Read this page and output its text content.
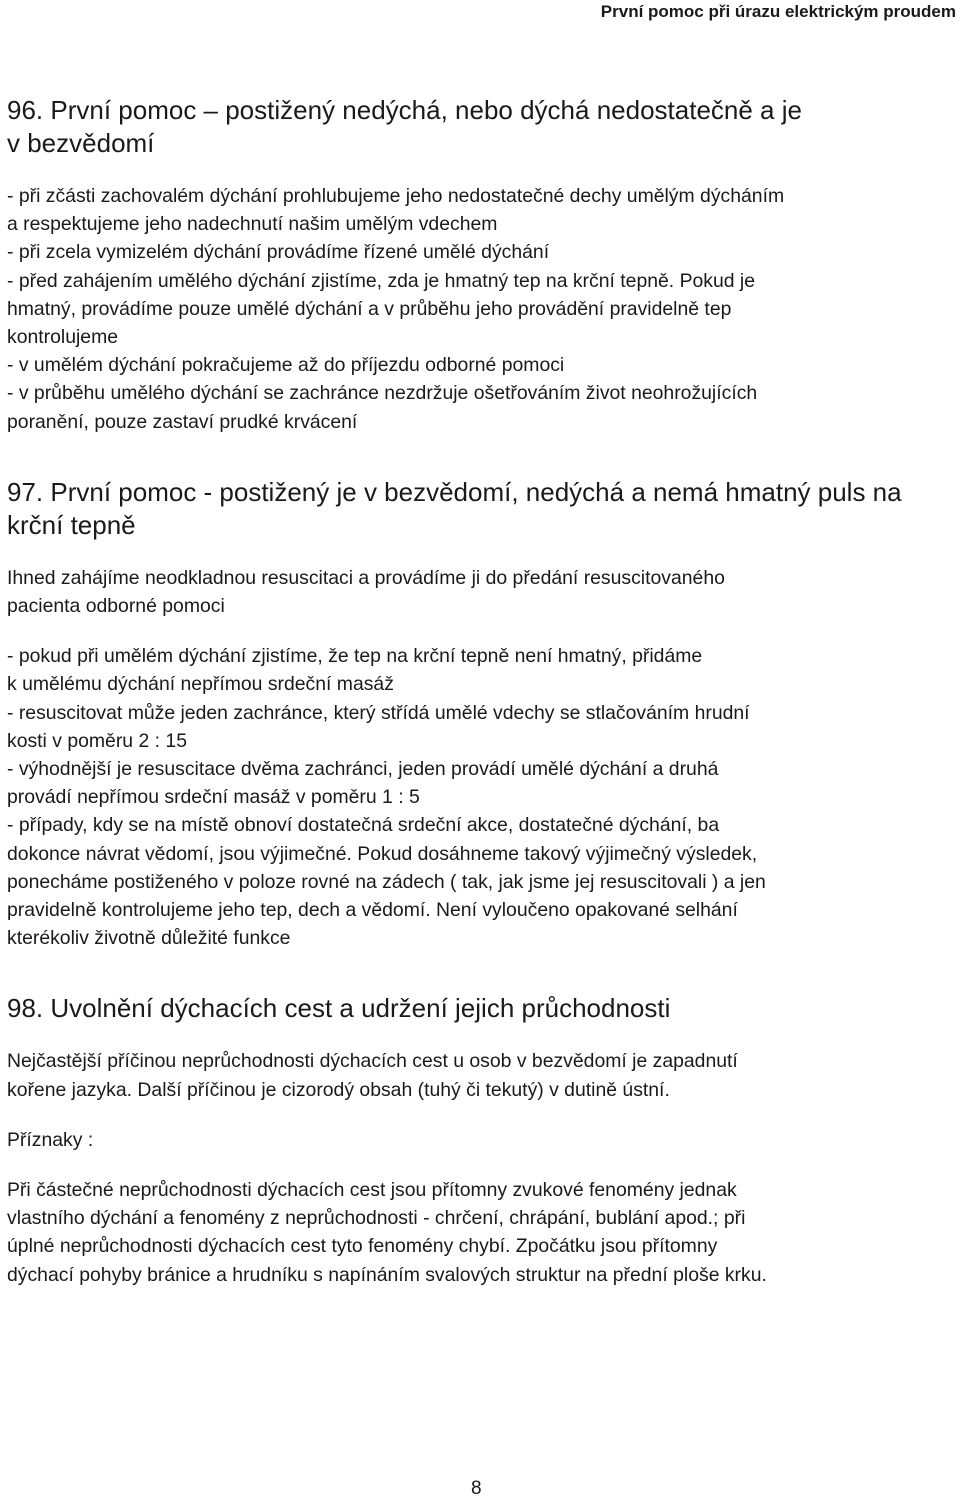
První pomoc při úrazu elektrickým proudem
96. První pomoc – postižený nedýchá, nebo dýchá nedostatečně a je
v bezvědomí

- při zčásti zachovalém dýchání prohlubujeme jeho nedostatečné dechy umělým dýcháním
a respektujeme jeho nadechnutí našim umělým vdechem
- při zcela vymizelém dýchání provádíme řízené umělé dýchání
- před zahájením umělého dýchání zjistíme, zda je hmatný tep na krční tepně. Pokud je
hmatný, provádíme pouze umělé dýchání a v průběhu jeho provádění pravidelně tep
kontrolujeme
- v umělém dýchání pokračujeme až do příjezdu odborné pomoci
- v průběhu umělého dýchání se zachránce nezdržuje ošetřováním život neohrožujících
poranění, pouze zastaví prudké krvácení

97. První pomoc - postižený je v bezvědomí, nedýchá a nemá hmatný puls na
krční tepně

Ihned zahájíme neodkladnou resuscitaci a provádíme ji do předání resuscitovaného
pacienta odborné pomoci

- pokud při umělém dýchání zjistíme, že tep na krční tepně není hmatný, přidáme
k umělému dýchání nepřímou srdeční masáž
- resuscitovat může jeden zachránce, který střídá umělé vdechy se stlačováním hrudní
kosti v poměru 2 : 15
- výhodnější je resuscitace dvěma zachránci, jeden provádí umělé dýchání a druhá
provádí nepřímou srdeční masáž v poměru 1 : 5
- případy, kdy se na místě obnoví dostatečná srdeční akce, dostatečné dýchání, ba
dokonce návrat vědomí, jsou výjimečné. Pokud dosáhneme takový výjimečný výsledek,
ponecháme postiženého v poloze rovné na zádech ( tak, jak jsme jej resuscitovali ) a jen
pravidelně kontrolujeme jeho tep, dech a vědomí. Není vyloučeno opakované selhání
kterékoliv životně důležité funkce

98. Uvolnění dýchacích cest a udržení jejich průchodnosti

Nejčastější příčinou neprůchodnosti dýchacích cest u osob v bezvědomí je zapadnutí
kořene jazyka. Další příčinou je cizorodý obsah (tuhý či tekutý) v dutině ústní.

Příznaky :

Při částečné neprůchodnosti dýchacích cest jsou přítomny zvukové fenomény jednak
vlastního dýchání a fenomény z neprůchodnosti - chrčení, chrápání, bublání apod.; při
úplné neprůchodnosti dýchacích cest tyto fenomény chybí. Zpočátku jsou přítomny
dýchací pohyby bránice a hrudníku s napínáním svalových struktur na přední ploše krku.

8
